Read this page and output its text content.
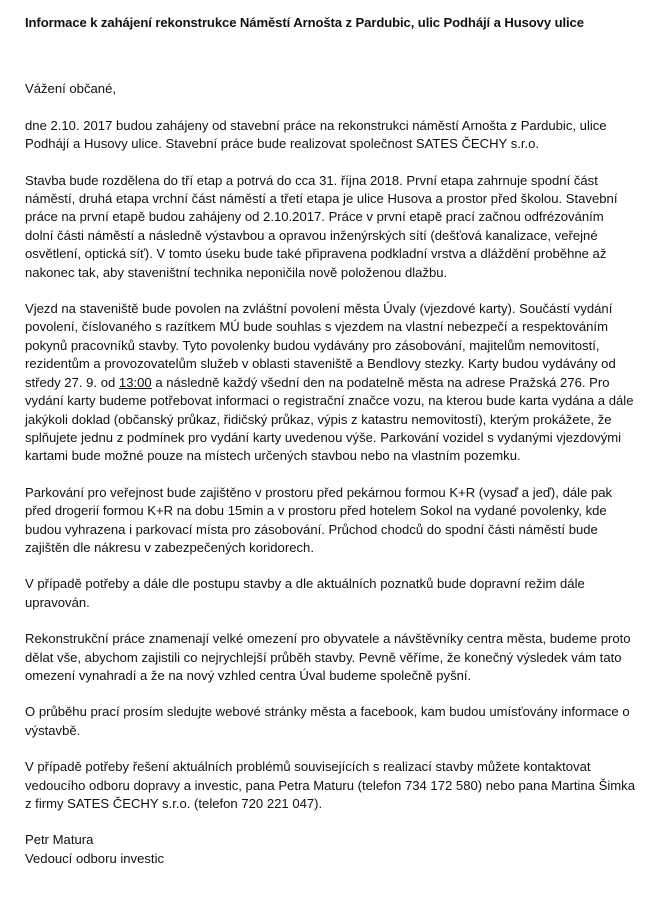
Informace k zahájení rekonstrukce Náměstí Arnošta z Pardubic, ulic Podhájí a Husovy ulice

Vážení občané,

dne 2.10. 2017 budou zahájeny od stavební práce na rekonstrukci náměstí Arnošta z Pardubic, ulice Podhájí a Husovy ulice. Stavební práce bude realizovat společnost SATES ČECHY s.r.o.

Stavba bude rozdělena do tří etap a potrvá do cca 31. října 2018. První etapa zahrnuje spodní část náměstí, druhá etapa vrchní část náměstí a třetí etapa je ulice Husova a prostor před školou. Stavební práce na první etapě budou zahájeny od 2.10.2017. Práce v první etapě prací začnou odfrézováním dolní části náměstí a následně výstavbou a opravou inženýrských sítí (dešťová kanalizace, veřejné osvětlení, optická síť). V tomto úseku bude také připravena podkladní vrstva a dláždění proběhne až nakonec tak, aby staveništní technika neponičila nově položenou dlažbu.

Vjezd na staveniště bude povolen na zvláštní povolení města Úvaly (vjezdové karty). Součástí vydání povolení, číslovaného s razítkem MÚ bude souhlas s vjezdem na vlastní nebezpečí a respektováním pokynů pracovníků stavby. Tyto povolenky budou vydávány pro zásobování, majitelům nemovitostí, rezidentům a provozovatelům služeb v oblasti staveniště a Bendlovy stezky. Karty budou vydávány od středy 27. 9. od 13:00 a následně každý všední den na podatelně města na adrese Pražská 276. Pro vydání karty budeme potřebovat informaci o registrační značce vozu, na kterou bude karta vydána a dále jakýkoli doklad (občanský průkaz, řidičský průkaz, výpis z katastru nemovitostí), kterým prokážete, že splňujete jednu z podmínek pro vydání karty uvedenou výše. Parkování vozidel s vydanými vjezdovými kartami bude možné pouze na místech určených stavbou nebo na vlastním pozemku.

Parkování pro veřejnost bude zajištěno v prostoru před pekárnou formou K+R (vysaď a jeď), dále pak před drogerií formou K+R na dobu 15min a v prostoru před hotelem Sokol na vydané povolenky, kde budou vyhrazena i parkovací místa pro zásobování. Průchod chodců do spodní části náměstí bude zajištěn dle nákresu v zabezpečených koridorech.

V případě potřeby a dále dle postupu stavby a dle aktuálních poznatků bude dopravní režim dále upravován.

Rekonstrukční práce znamenají velké omezení pro obyvatele a návštěvníky centra města, budeme proto dělat vše, abychom zajistili co nejrychlejší průběh stavby. Pevně věříme, že konečný výsledek vám tato omezení vynahradí a že na nový vzhled centra Úval budeme společně pyšní.

O průběhu prací prosím sledujte webové stránky města a facebook, kam budou umísťovány informace o výstavbě.

V případě potřeby řešení aktuálních problémů souvisejících s realizací stavby můžete kontaktovat vedoucího odboru dopravy a investic, pana Petra Maturu (telefon 734 172 580) nebo pana Martina Šimka z firmy SATES ČECHY s.r.o. (telefon 720 221 047).

Petr Matura

Vedoucí odboru investic
